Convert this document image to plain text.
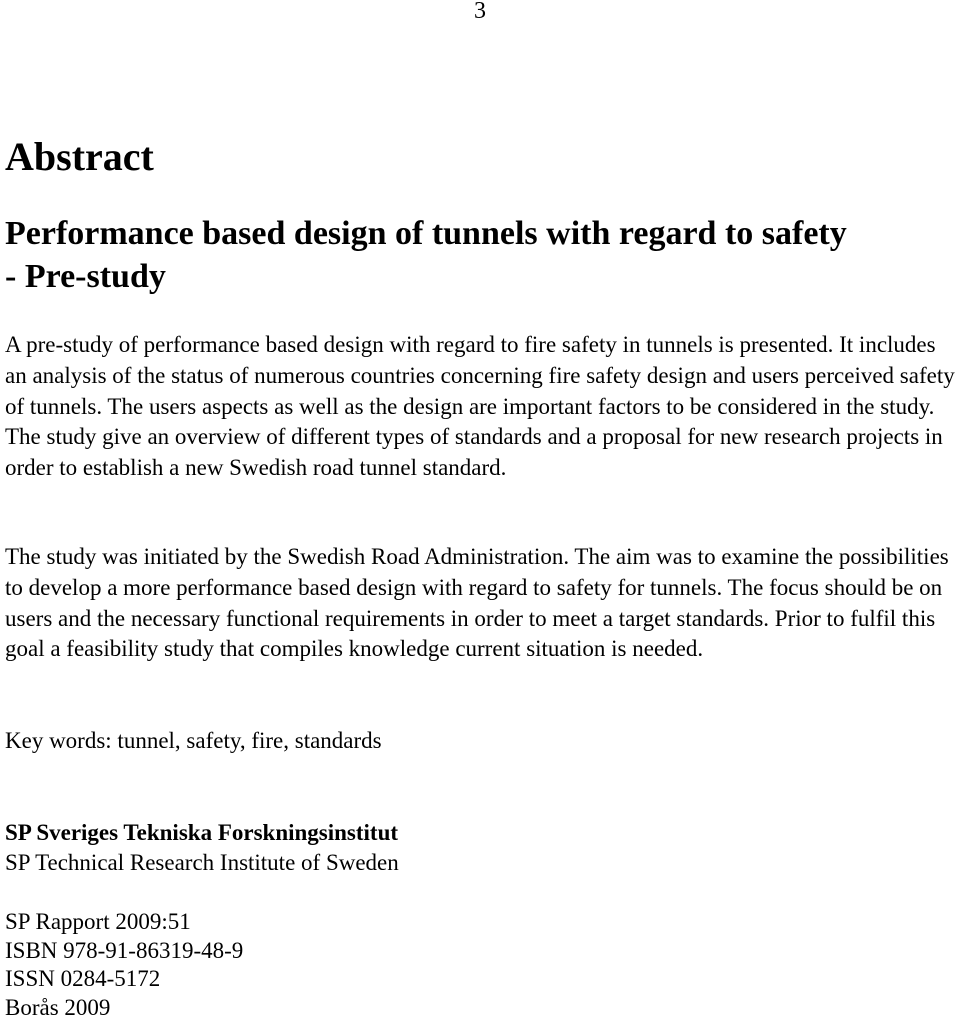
3
Abstract
Performance based design of tunnels with regard to safety
- Pre-study

A pre-study of performance based design with regard to fire safety in tunnels is presented. It includes an analysis of the status of numerous countries concerning fire safety design and users perceived safety of tunnels. The users aspects as well as the design are important factors to be considered in the study. The study give an overview of different types of standards and a proposal for new research projects in order to establish a new Swedish road tunnel standard.

The study was initiated by the Swedish Road Administration. The aim was to examine the possibilities to develop a more performance based design with regard to safety for tunnels. The focus should be on users and the necessary functional requirements in order to meet a target standards. Prior to fulfil this goal a feasibility study that compiles knowledge current situation is needed.

Key words: tunnel, safety, fire, standards

SP Sveriges Tekniska Forskningsinstitut
SP Technical Research Institute of Sweden
SP Rapport 2009:51
ISBN 978-91-86319-48-9
ISSN 0284-5172
Borås 2009
